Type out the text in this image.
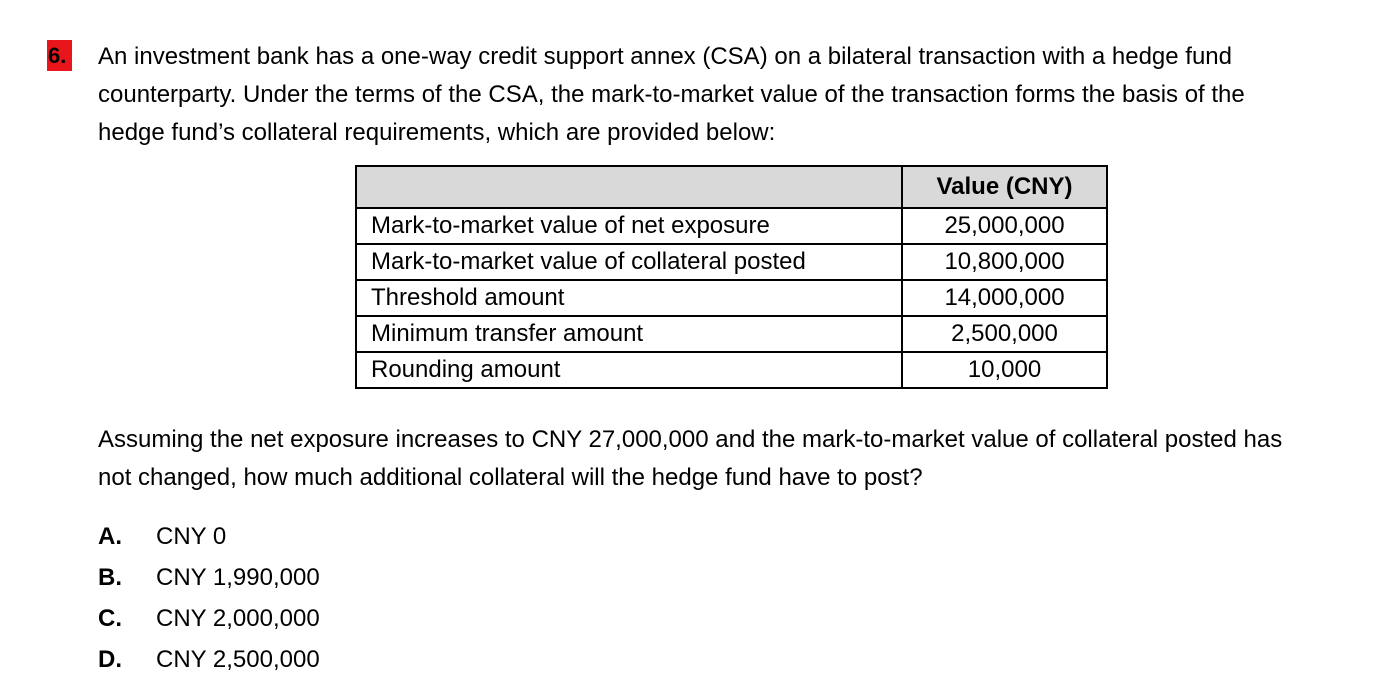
6. An investment bank has a one-way credit support annex (CSA) on a bilateral transaction with a hedge fund
counterparty. Under the terms of the CSA, the mark-to-market value of the transaction forms the basis of the
hedge fund’s collateral requirements, which are provided below:

	Value (CNY)
Mark-to-market value of net exposure	25,000,000
Mark-to-market value of collateral posted	10,800,000
Threshold amount	14,000,000
Minimum transfer amount	2,500,000
Rounding amount	10,000

Assuming the net exposure increases to CNY 27,000,000 and the mark-to-market value of collateral posted has
not changed, how much additional collateral will the hedge fund have to post?

A.	CNY 0
B.	CNY 1,990,000
C.	CNY 2,000,000
D.	CNY 2,500,000
